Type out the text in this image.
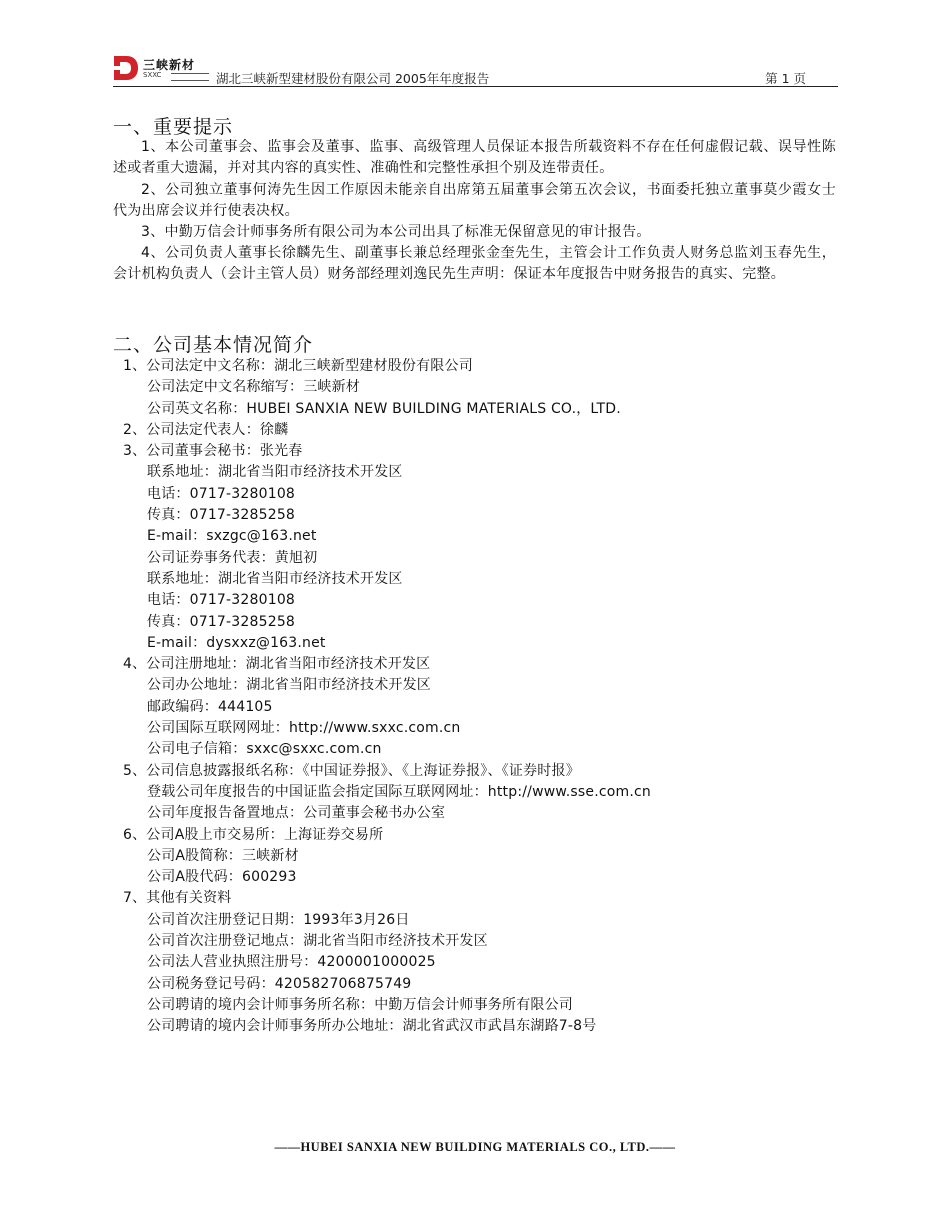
三峡新材
SXXC	湖北三峡新型建材股份有限公司 2005年年度报告	第 1 页
一、重要提示
1、本公司董事会、监事会及董事、监事、高级管理人员保证本报告所载资料不存在任何虚假记载、误导性陈述或者重大遗漏，并对其内容的真实性、准确性和完整性承担个别及连带责任。
2、公司独立董事何涛先生因工作原因未能亲自出席第五届董事会第五次会议，书面委托独立董事莫少霞女士代为出席会议并行使表决权。
3、中勤万信会计师事务所有限公司为本公司出具了标准无保留意见的审计报告。
4、公司负责人董事长徐麟先生、副董事长兼总经理张金奎先生，主管会计工作负责人财务总监刘玉春先生，会计机构负责人（会计主管人员）财务部经理刘逸民先生声明：保证本年度报告中财务报告的真实、完整。
二、公司基本情况简介
1、公司法定中文名称：湖北三峡新型建材股份有限公司
公司法定中文名称缩写：三峡新材
公司英文名称：HUBEI SANXIA NEW BUILDING MATERIALS CO.，LTD.
2、公司法定代表人：徐麟
3、公司董事会秘书：张光春
联系地址：湖北省当阳市经济技术开发区
电话：0717-3280108
传真：0717-3285258
E-mail：sxzgc@163.net
公司证券事务代表：黄旭初
联系地址：湖北省当阳市经济技术开发区
电话：0717-3280108
传真：0717-3285258
E-mail：dysxxz@163.net
4、公司注册地址：湖北省当阳市经济技术开发区
公司办公地址：湖北省当阳市经济技术开发区
邮政编码：444105
公司国际互联网网址：http://www.sxxc.com.cn
公司电子信箱：sxxc@sxxc.com.cn
5、公司信息披露报纸名称：《中国证券报》、《上海证券报》、《证券时报》
登载公司年度报告的中国证监会指定国际互联网网址：http://www.sse.com.cn
公司年度报告备置地点：公司董事会秘书办公室
6、公司A股上市交易所：上海证券交易所
公司A股简称：三峡新材
公司A股代码：600293
7、其他有关资料
公司首次注册登记日期：1993年3月26日
公司首次注册登记地点：湖北省当阳市经济技术开发区
公司法人营业执照注册号：4200001000025
公司税务登记号码：420582706875749
公司聘请的境内会计师事务所名称：中勤万信会计师事务所有限公司
公司聘请的境内会计师事务所办公地址：湖北省武汉市武昌东湖路7-8号
——HUBEI SANXIA NEW BUILDING MATERIALS CO., LTD.——
